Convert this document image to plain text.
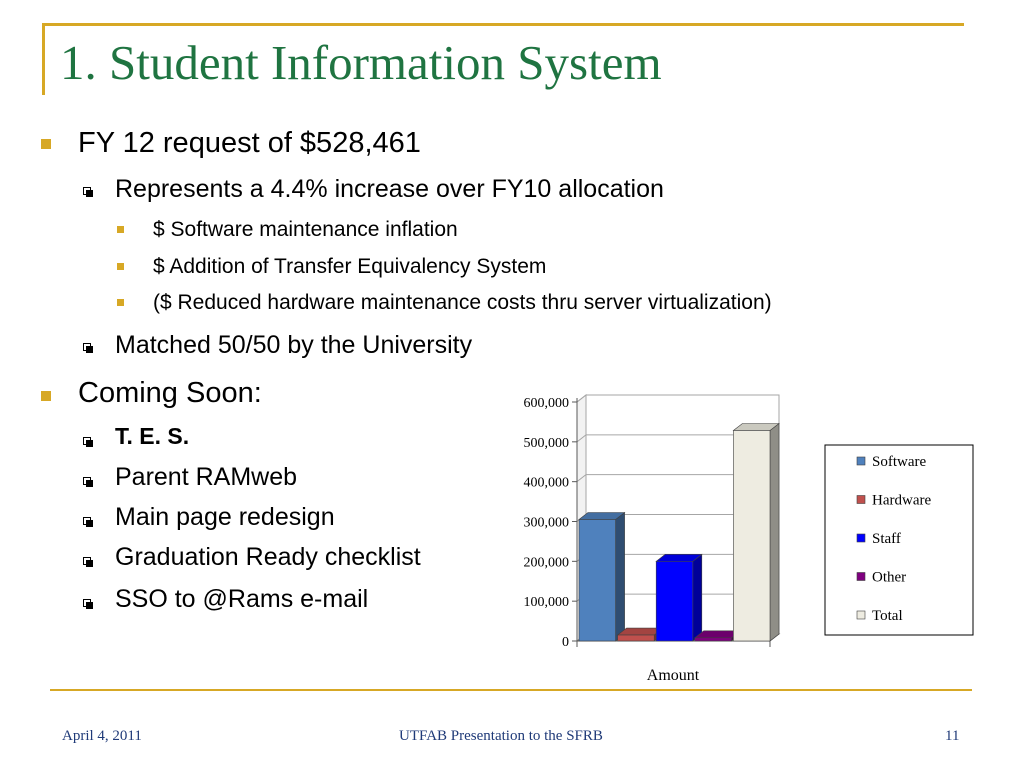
1. Student Information System
FY 12 request of $528,461
Represents a 4.4% increase over FY10 allocation
$ Software maintenance inflation
$ Addition of Transfer Equivalency System
($ Reduced hardware maintenance costs thru server virtualization)
Matched 50/50 by the University
Coming Soon:
T. E. S.
Parent RAMweb
Main page redesign
Graduation Ready checklist
SSO to @Rams e-mail
0
100,000
200,000
300,000
400,000
500,000
600,000
Amount
Software
Hardware
Staff
Other
Total
April 4, 2011	UTFAB Presentation to the SFRB	11
